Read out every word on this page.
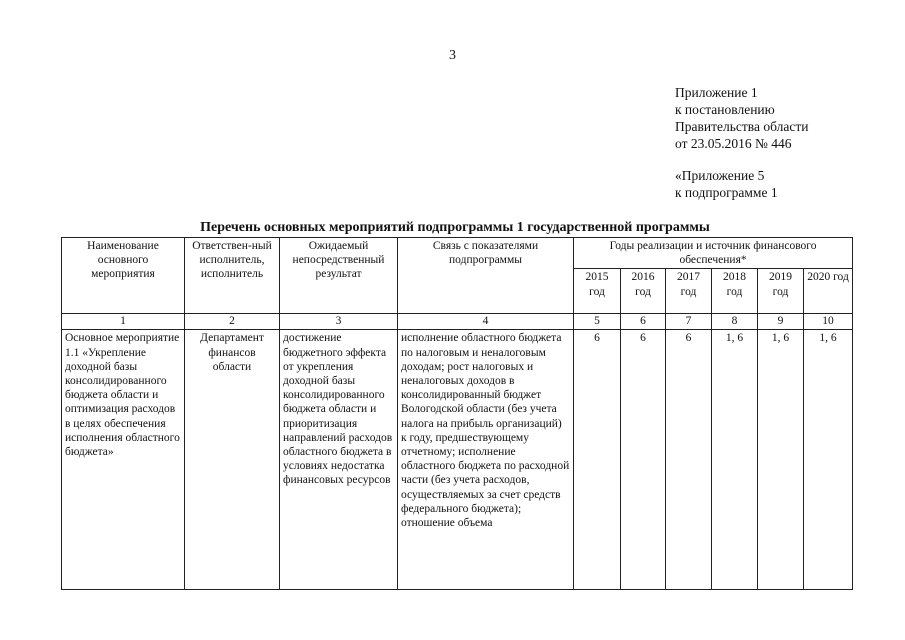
3
Приложение 1
к постановлению
Правительства области
от 23.05.2016 № 446
«Приложение 5
к подпрограмме 1
Перечень основных мероприятий подпрограммы 1 государственной программы
Наименование основного мероприятия	Ответствен-ный исполнитель, исполнитель	Ожидаемый непосредственный результат	Связь с показателями подпрограммы	Годы реализации и источник финансового обеспечения*					
				2015 год	2016 год	2017 год	2018 год	2019 год	2020 год
1	2	3	4	5	6	7	8	9	10
Основное мероприятие 1.1 «Укрепление доходной базы консолидированного бюджета области и оптимизация расходов в целях обеспечения исполнения областного бюджета»	Департамент финансов области	достижение бюджетного эффекта от укрепления доходной базы консолидированного бюджета области и приоритизация направлений расходов областного бюджета в условиях недостатка финансовых ресурсов	исполнение областного бюджета по налоговым и неналоговым доходам; рост налоговых и неналоговых доходов в консолидированный бюджет Вологодской области (без учета налога на прибыль организаций) к году, предшествующему отчетному; исполнение областного бюджета по расходной части (без учета расходов, осуществляемых за счет средств федерального бюджета); отношение объема	6	6	6	1, 6	1, 6	1, 6
